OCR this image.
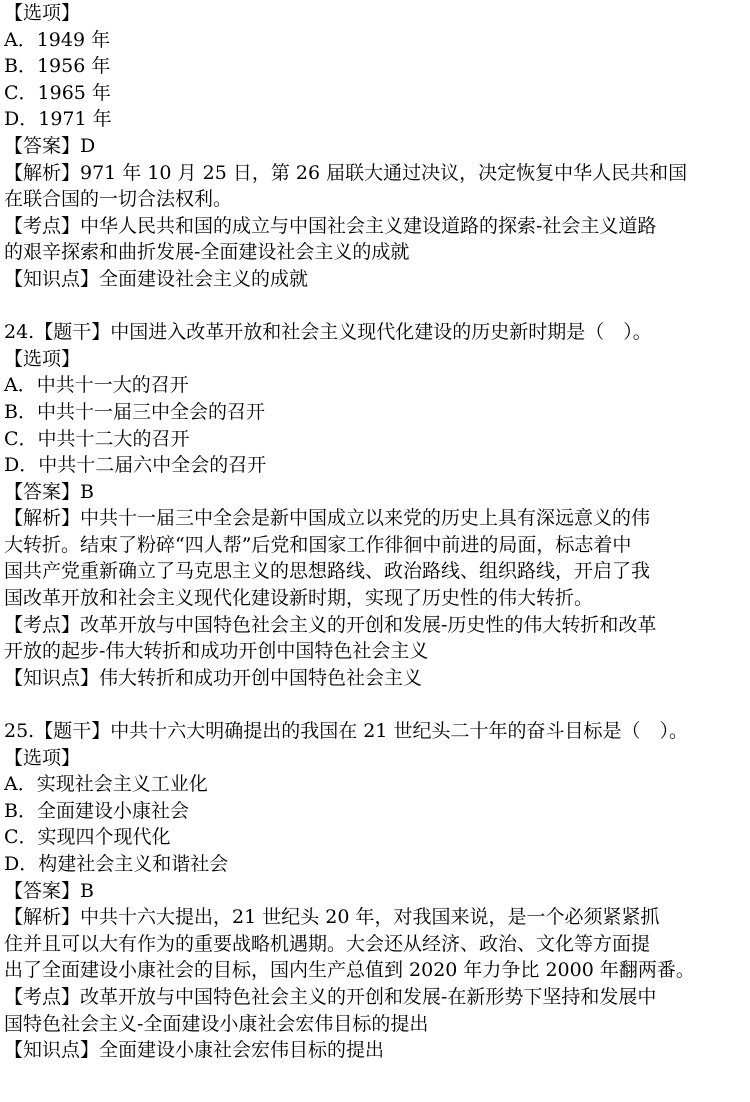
【选项】
A．1949 年
B．1956 年
C．1965 年
D．1971 年
【答案】D
【解析】971 年 10 月 25 日，第 26 届联大通过决议，决定恢复中华人民共和国
在联合国的一切合法权利。
【考点】中华人民共和国的成立与中国社会主义建设道路的探索-社会主义道路
的艰辛探索和曲折发展-全面建设社会主义的成就
【知识点】全面建设社会主义的成就
24.【题干】中国进入改革开放和社会主义现代化建设的历史新时期是（　）。
【选项】
A．中共十一大的召开
B．中共十一届三中全会的召开
C．中共十二大的召开
D．中共十二届六中全会的召开
【答案】B
【解析】中共十一届三中全会是新中国成立以来党的历史上具有深远意义的伟
大转折。结束了粉碎“四人帮”后党和国家工作徘徊中前进的局面，标志着中
国共产党重新确立了马克思主义的思想路线、政治路线、组织路线，开启了我
国改革开放和社会主义现代化建设新时期，实现了历史性的伟大转折。
【考点】改革开放与中国特色社会主义的开创和发展-历史性的伟大转折和改革
开放的起步-伟大转折和成功开创中国特色社会主义
【知识点】伟大转折和成功开创中国特色社会主义
25.【题干】中共十六大明确提出的我国在 21 世纪头二十年的奋斗目标是（　）。
【选项】
A．实现社会主义工业化
B．全面建设小康社会
C．实现四个现代化
D．构建社会主义和谐社会
【答案】B
【解析】中共十六大提出，21 世纪头 20 年，对我国来说，是一个必须紧紧抓
住并且可以大有作为的重要战略机遇期。大会还从经济、政治、文化等方面提
出了全面建设小康社会的目标，国内生产总值到 2020 年力争比 2000 年翻两番。
【考点】改革开放与中国特色社会主义的开创和发展-在新形势下坚持和发展中
国特色社会主义-全面建设小康社会宏伟目标的提出
【知识点】全面建设小康社会宏伟目标的提出
